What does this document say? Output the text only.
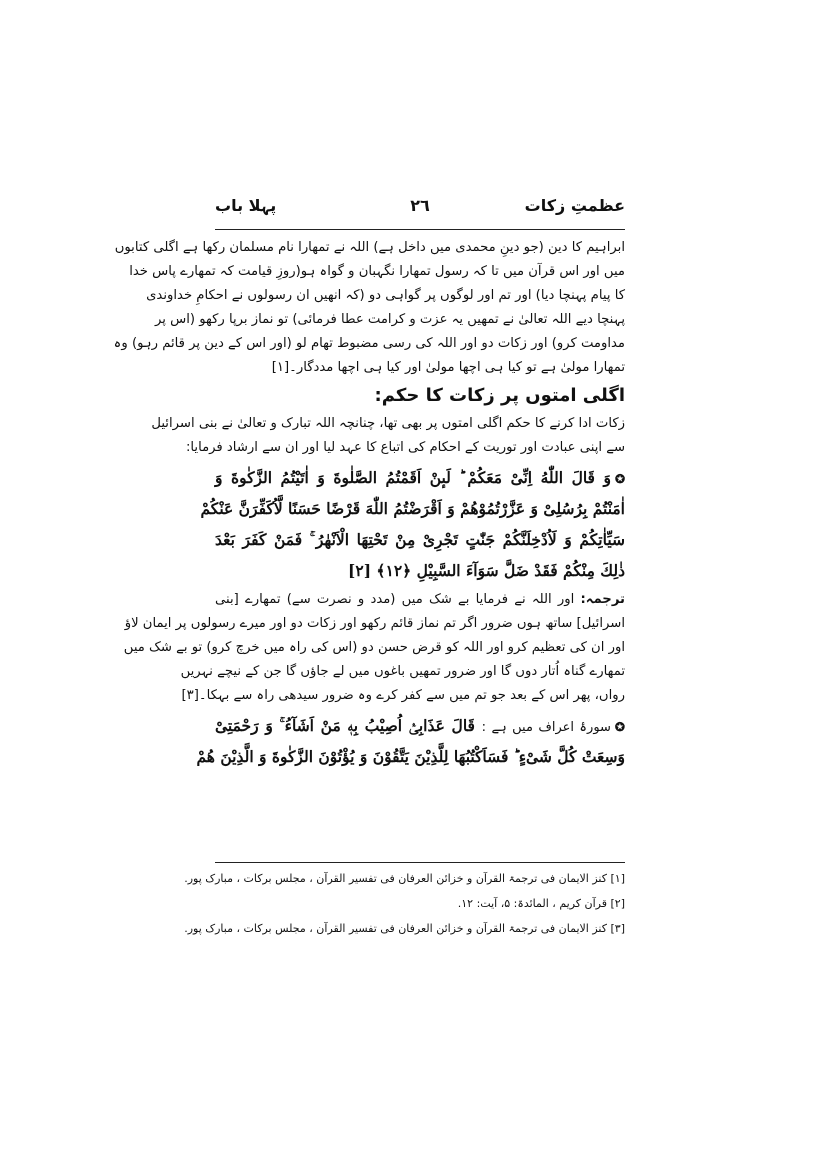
عظمتِ زکات
۲٦
پہلا باب
ابراہیم کا دین (جو دینِ محمدی میں داخل ہے) اللہ نے تمھارا نام مسلمان رکھا ہے اگلی کتابوں
میں اور اس قرآن میں تا کہ رسول تمھارا نگہبان و گواہ ہو(روزِ قیامت کہ تمھارے پاس خدا
کا پیام پہنچا دیا) اور تم اور لوگوں پر گواہی دو (کہ انھیں ان رسولوں نے احکامِ خداوندی
پہنچا دیے اللہ تعالیٰ نے تمھیں یہ عزت و کرامت عطا فرمائی) تو نماز برپا رکھو (اس پر
مداومت کرو) اور زکات دو اور اللہ کی رسی مضبوط تھام لو (اور اس کے دین پر قائم رہو) وہ
تمھارا مولیٰ ہے تو کیا ہی اچھا مولیٰ اور کیا ہی اچھا مددگار۔[۱]
اگلی امتوں پر زکات کا حکم:
زکات ادا کرنے کا حکم اگلی امتوں پر بھی تھا، چنانچہ اللہ تبارک و تعالیٰ نے بنی اسرائیل
سے اپنی عبادت اور توریت کے احکام کی اتباع کا عہد لیا اور ان سے ارشاد فرمایا:
✪وَ قَالَ اللّٰهُ اِنِّیْ مَعَكُمْ ؕ لَىٕنْ اَقَمْتُمُ الصَّلٰوةَ وَ اٰتَیْتُمُ الزَّكٰوةَ وَ
اٰمَنْتُمْ بِرُسُلِیْ وَ عَزَّرْتُمُوْهُمْ وَ اَقْرَضْتُمُ اللّٰهَ قَرْضًا حَسَنًا لَّاُكَفِّرَنَّ عَنْكُمْ
سَیِّاٰتِكُمْ وَ لَاُدْخِلَنَّكُمْ جَنّٰتٍ تَجْرِیْ مِنْ تَحْتِهَا الْاَنْهٰرُ ۚ فَمَنْ كَفَرَ بَعْدَ
ذٰلِكَ مِنْكُمْ فَقَدْ ضَلَّ سَوَآءَ السَّبِیْلِ ﴿۱۲﴾ [۲]
ترجمہ: اور اللہ نے فرمایا بے شک میں (مدد و نصرت سے) تمھارے [بنی
اسرائیل] ساتھ ہوں ضرور اگر تم نماز قائم رکھو اور زکات دو اور میرے رسولوں پر ایمان لاؤ
اور ان کی تعظیم کرو اور اللہ کو قرض حسن دو (اس کی راہ میں خرچ کرو) تو بے شک میں
تمھارے گناہ اُتار دوں گا اور ضرور تمھیں باغوں میں لے جاؤں گا جن کے نیچے نہریں
رواں، پھر اس کے بعد جو تم میں سے کفر کرے وہ ضرور سیدھی راہ سے بہکا۔[۳]
✪سورۂ اعراف میں ہے : قَالَ عَذَابِیْۤ اُصِیْبُ بِهٖ مَنْ اَشَآءُ ۚ وَ رَحْمَتِیْ
وَسِعَتْ كُلَّ شَیْءٍ ؕ فَسَاَكْتُبُهَا لِلَّذِیْنَ یَتَّقُوْنَ وَ یُؤْتُوْنَ الزَّكٰوةَ وَ الَّذِیْنَ هُمْ
[۱] کنز الایمان فی ترجمۃ القرآن و خزائن العرفان فی تفسیر القرآن ، مجلس برکات ، مبارک پور.
[۲] قرآن کریم ، المائدۃ: ۵، آیت: ۱۲.
[۳] کنز الایمان فی ترجمۃ القرآن و خزائن العرفان فی تفسیر القرآن ، مجلس برکات ، مبارک پور.
